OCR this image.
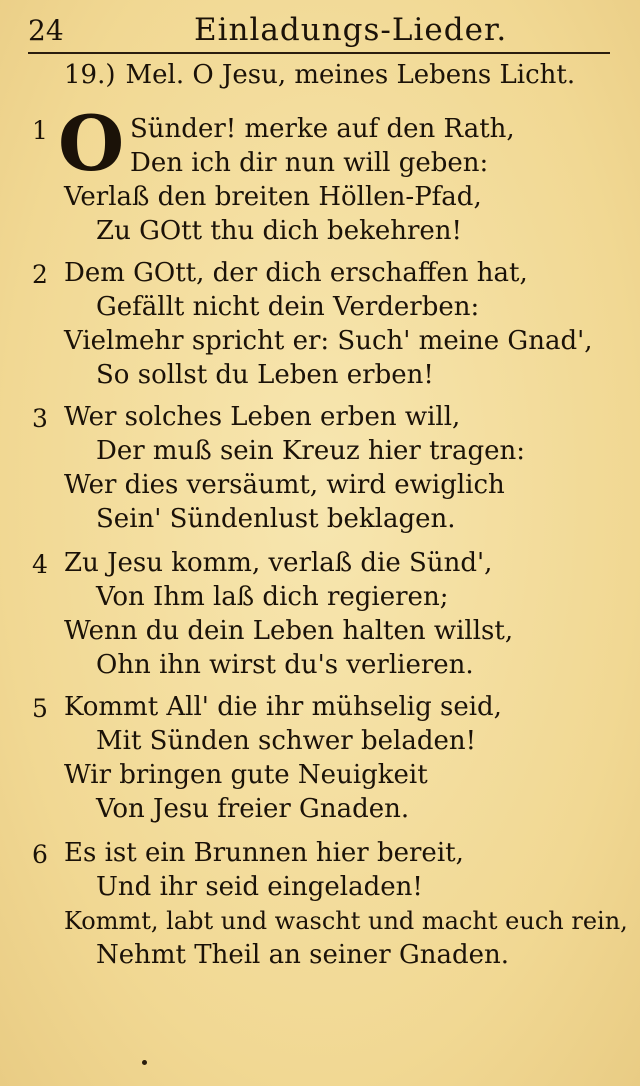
24	Einladungs-Lieder.
19.) Mel. O Jesu, meines Lebens Licht.
1 O Sünder! merke auf den Rath,
Den ich dir nun will geben:
Verlaß den breiten Höllen-Pfad,
Zu GOtt thu dich bekehren!
2 Dem GOtt, der dich erschaffen hat,
Gefällt nicht dein Verderben:
Vielmehr spricht er: Such' meine Gnad',
So sollst du Leben erben!
3 Wer solches Leben erben will,
Der muß sein Kreuz hier tragen:
Wer dies versäumt, wird ewiglich
Sein' Sündenlust beklagen.
4 Zu Jesu komm, verlaß die Sünd',
Von Ihm laß dich regieren;
Wenn du dein Leben halten willst,
Ohn ihn wirst du's verlieren.
5 Kommt All' die ihr mühselig seid,
Mit Sünden schwer beladen!
Wir bringen gute Neuigkeit
Von Jesu freier Gnaden.
6 Es ist ein Brunnen hier bereit,
Und ihr seid eingeladen!
Kommt, labt und wascht und macht euch rein,
Nehmt Theil an seiner Gnaden.
